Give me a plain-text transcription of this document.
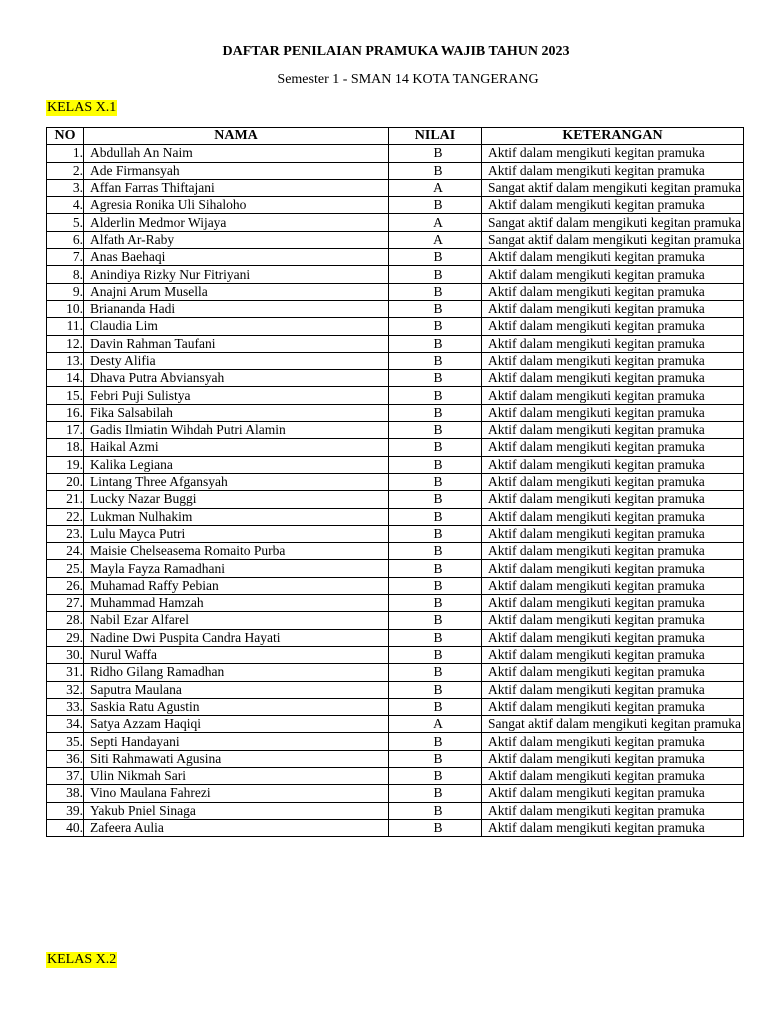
DAFTAR PENILAIAN PRAMUKA WAJIB TAHUN 2023
Semester 1 - SMAN 14 KOTA TANGERANG
KELAS X.1
NO	NAMA	NILAI	KETERANGAN
1.	Abdullah An Naim	B	Aktif dalam mengikuti kegitan pramuka
2.	Ade Firmansyah	B	Aktif dalam mengikuti kegitan pramuka
3.	Affan Farras Thiftajani	A	Sangat aktif dalam mengikuti kegitan pramuka
4.	Agresia Ronika Uli Sihaloho	B	Aktif dalam mengikuti kegitan pramuka
5.	Alderlin Medmor Wijaya	A	Sangat aktif dalam mengikuti kegitan pramuka
6.	Alfath Ar-Raby	A	Sangat aktif dalam mengikuti kegitan pramuka
7.	Anas Baehaqi	B	Aktif dalam mengikuti kegitan pramuka
8.	Anindiya Rizky Nur Fitriyani	B	Aktif dalam mengikuti kegitan pramuka
9.	Anajni Arum Musella	B	Aktif dalam mengikuti kegitan pramuka
10.	Briananda Hadi	B	Aktif dalam mengikuti kegitan pramuka
11.	Claudia Lim	B	Aktif dalam mengikuti kegitan pramuka
12.	Davin Rahman Taufani	B	Aktif dalam mengikuti kegitan pramuka
13.	Desty Alifia	B	Aktif dalam mengikuti kegitan pramuka
14.	Dhava Putra Abviansyah	B	Aktif dalam mengikuti kegitan pramuka
15.	Febri Puji Sulistya	B	Aktif dalam mengikuti kegitan pramuka
16.	Fika Salsabilah	B	Aktif dalam mengikuti kegitan pramuka
17.	Gadis Ilmiatin Wihdah Putri Alamin	B	Aktif dalam mengikuti kegitan pramuka
18.	Haikal Azmi	B	Aktif dalam mengikuti kegitan pramuka
19.	Kalika Legiana	B	Aktif dalam mengikuti kegitan pramuka
20.	Lintang Three Afgansyah	B	Aktif dalam mengikuti kegitan pramuka
21.	Lucky Nazar Buggi	B	Aktif dalam mengikuti kegitan pramuka
22.	Lukman Nulhakim	B	Aktif dalam mengikuti kegitan pramuka
23.	Lulu Mayca Putri	B	Aktif dalam mengikuti kegitan pramuka
24.	Maisie Chelseasema Romaito Purba	B	Aktif dalam mengikuti kegitan pramuka
25.	Mayla Fayza Ramadhani	B	Aktif dalam mengikuti kegitan pramuka
26.	Muhamad Raffy Pebian	B	Aktif dalam mengikuti kegitan pramuka
27.	Muhammad Hamzah	B	Aktif dalam mengikuti kegitan pramuka
28.	Nabil Ezar Alfarel	B	Aktif dalam mengikuti kegitan pramuka
29.	Nadine Dwi Puspita Candra Hayati	B	Aktif dalam mengikuti kegitan pramuka
30.	Nurul Waffa	B	Aktif dalam mengikuti kegitan pramuka
31.	Ridho Gilang Ramadhan	B	Aktif dalam mengikuti kegitan pramuka
32.	Saputra Maulana	B	Aktif dalam mengikuti kegitan pramuka
33.	Saskia Ratu Agustin	B	Aktif dalam mengikuti kegitan pramuka
34.	Satya Azzam Haqiqi	A	Sangat aktif dalam mengikuti kegitan pramuka
35.	Septi Handayani	B	Aktif dalam mengikuti kegitan pramuka
36.	Siti Rahmawati Agusina	B	Aktif dalam mengikuti kegitan pramuka
37.	Ulin Nikmah Sari	B	Aktif dalam mengikuti kegitan pramuka
38.	Vino Maulana Fahrezi	B	Aktif dalam mengikuti kegitan pramuka
39.	Yakub Pniel Sinaga	B	Aktif dalam mengikuti kegitan pramuka
40.	Zafeera Aulia	B	Aktif dalam mengikuti kegitan pramuka
KELAS X.2
